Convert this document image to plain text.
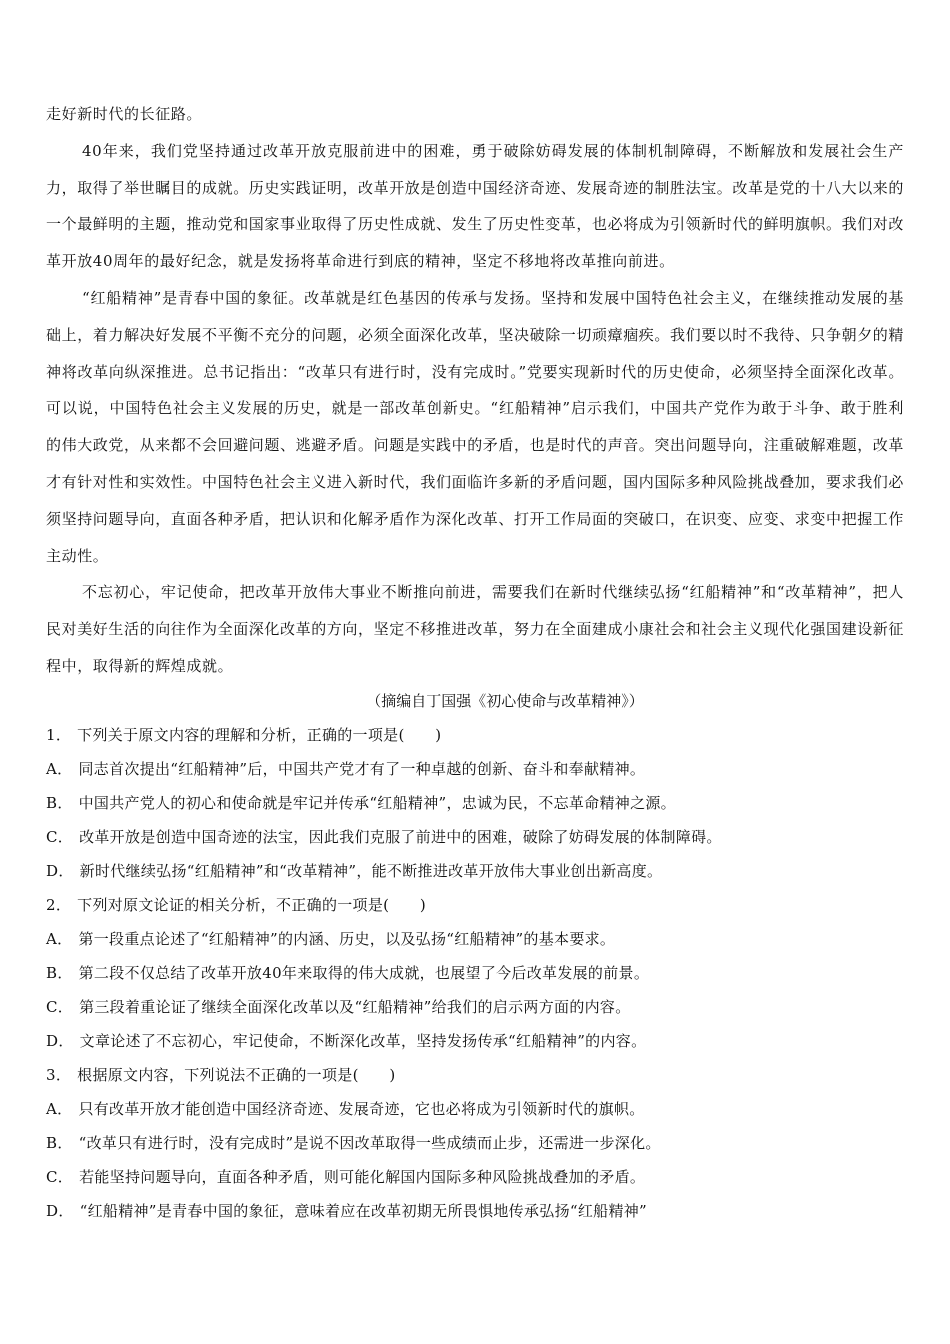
走好新时代的长征路。

40年来，我们党坚持通过改革开放克服前进中的困难，勇于破除妨碍发展的体制机制障碍，不断解放和发展社会生产力，取得了举世瞩目的成就。历史实践证明，改革开放是创造中国经济奇迹、发展奇迹的制胜法宝。改革是党的十八大以来的一个最鲜明的主题，推动党和国家事业取得了历史性成就、发生了历史性变革，也必将成为引领新时代的鲜明旗帜。我们对改革开放40周年的最好纪念，就是发扬将革命进行到底的精神，坚定不移地将改革推向前进。

“红船精神”是青春中国的象征。改革就是红色基因的传承与发扬。坚持和发展中国特色社会主义，在继续推动发展的基础上，着力解决好发展不平衡不充分的问题，必须全面深化改革，坚决破除一切顽瘴痼疾。我们要以时不我待、只争朝夕的精神将改革向纵深推进。总书记指出：“改革只有进行时，没有完成时。”党要实现新时代的历史使命，必须坚持全面深化改革。可以说，中国特色社会主义发展的历史，就是一部改革创新史。“红船精神”启示我们，中国共产党作为敢于斗争、敢于胜利的伟大政党，从来都不会回避问题、逃避矛盾。问题是实践中的矛盾，也是时代的声音。突出问题导向，注重破解难题，改革才有针对性和实效性。中国特色社会主义进入新时代，我们面临许多新的矛盾问题，国内国际多种风险挑战叠加，要求我们必须坚持问题导向，直面各种矛盾，把认识和化解矛盾作为深化改革、打开工作局面的突破口，在识变、应变、求变中把握工作主动性。

不忘初心，牢记使命，把改革开放伟大事业不断推向前进，需要我们在新时代继续弘扬“红船精神”和“改革精神”，把人民对美好生活的向往作为全面深化改革的方向，坚定不移推进改革，努力在全面建成小康社会和社会主义现代化强国建设新征程中，取得新的辉煌成就。

（摘编自丁国强《初心使命与改革精神》）

1． 下列关于原文内容的理解和分析，正确的一项是(　　)

A． 同志首次提出“红船精神”后，中国共产党才有了一种卓越的创新、奋斗和奉献精神。

B． 中国共产党人的初心和使命就是牢记并传承“红船精神”，忠诚为民，不忘革命精神之源。

C． 改革开放是创造中国奇迹的法宝，因此我们克服了前进中的困难，破除了妨碍发展的体制障碍。

D． 新时代继续弘扬“红船精神”和“改革精神”，能不断推进改革开放伟大事业创出新高度。

2． 下列对原文论证的相关分析，不正确的一项是(　　)

A． 第一段重点论述了“红船精神”的内涵、历史，以及弘扬“红船精神”的基本要求。

B． 第二段不仅总结了改革开放40年来取得的伟大成就，也展望了今后改革发展的前景。

C． 第三段着重论证了继续全面深化改革以及“红船精神”给我们的启示两方面的内容。

D． 文章论述了不忘初心，牢记使命，不断深化改革，坚持发扬传承“红船精神”的内容。

3． 根据原文内容，下列说法不正确的一项是(　　)

A． 只有改革开放才能创造中国经济奇迹、发展奇迹，它也必将成为引领新时代的旗帜。

B． “改革只有进行时，没有完成时”是说不因改革取得一些成绩而止步，还需进一步深化。

C． 若能坚持问题导向，直面各种矛盾，则可能化解国内国际多种风险挑战叠加的矛盾。

D． “红船精神”是青春中国的象征，意味着应在改革初期无所畏惧地传承弘扬“红船精神”
